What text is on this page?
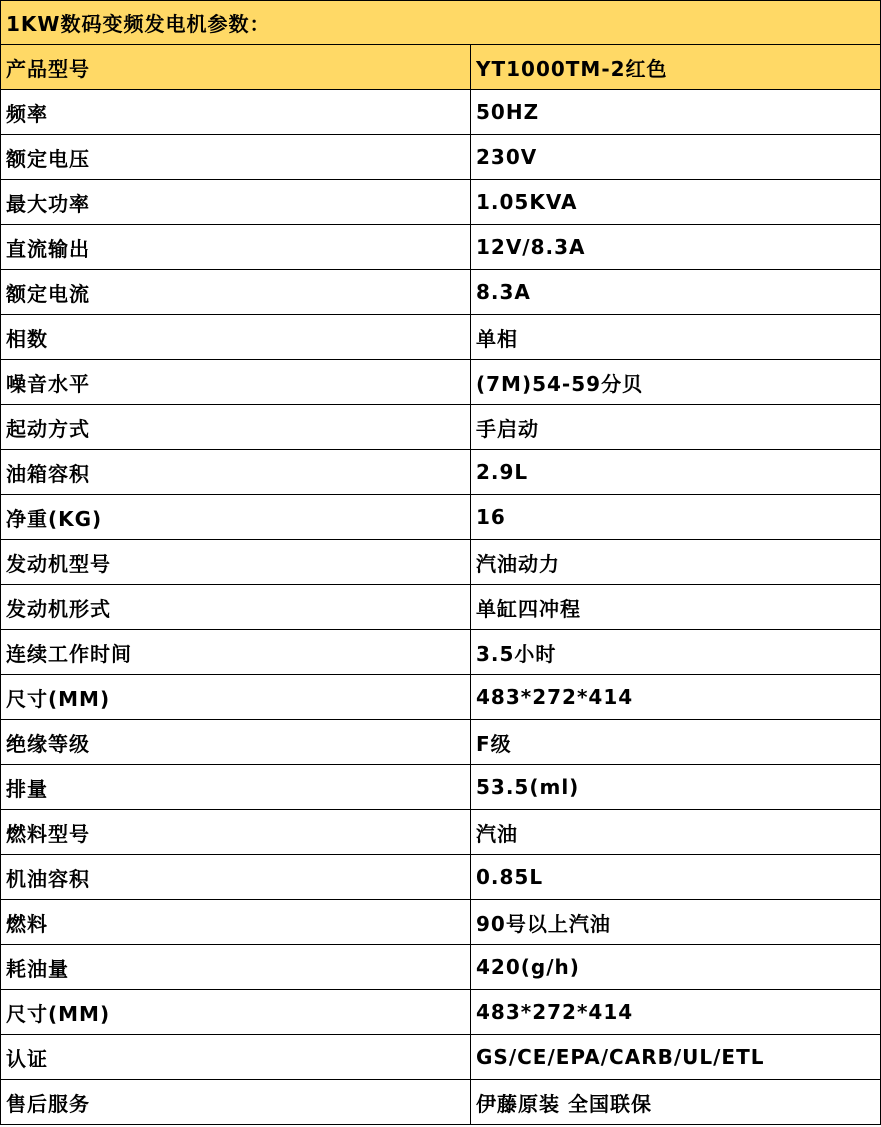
1KW数码变频发电机参数：
产品型号	YT1000TM-2红色
频率	50HZ
额定电压	230V
最大功率	1.05KVA
直流输出	12V/8.3A
额定电流	8.3A
相数	单相
噪音水平	(7M)54-59分贝
起动方式	手启动
油箱容积	2.9L
净重(KG)	16
发动机型号	汽油动力
发动机形式	单缸四冲程
连续工作时间	3.5小时
尺寸(MM)	483*272*414
绝缘等级	F级
排量	53.5(ml)
燃料型号	汽油
机油容积	0.85L
燃料	90号以上汽油
耗油量	420(g/h)
尺寸(MM)	483*272*414
认证	GS/CE/EPA/CARB/UL/ETL
售后服务	伊藤原装 全国联保
